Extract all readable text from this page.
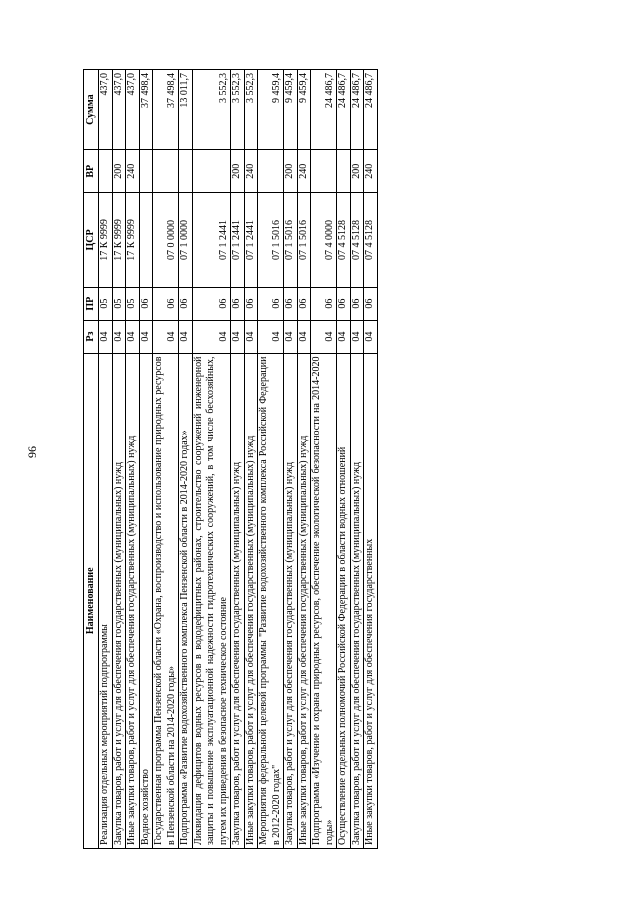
96
Наименование	Рз	ПР	ЦСР	ВР	Сумма
Реализация отдельных мероприятий подпрограммы	04	05	17 К 9999		437,0
Закупка товаров, работ и услуг для обеспечения государственных (муниципальных) нужд	04	05	17 К 9999	200	437,0
Иные закупки товаров, работ и услуг для обеспечения государственных (муниципальных) нужд	04	05	17 К 9999	240	437,0
Водное хозяйство	04	06			37 498,4
Государственная программа Пензенской области «Охрана, воспроизводство и использование природных ресурсов в Пензенской области на 2014-2020 годы»	04	06	07 0 0000		37 498,4
Подпрограмма «Развитие водохозяйственного комплекса Пензенской области в 2014-2020 годах»	04	06	07 1 0000		13 011,7
Ликвидация дефицитов водных ресурсов в вододефицитных районах, строительство сооружений инженерной защиты и повышение эксплуатационной надежности гидротехнических сооружений, в том числе бесхозяйных, путем их приведения в безопасное техническое состояние	04	06	07 1 2441		3 552,3
Закупка товаров, работ и услуг для обеспечения государственных (муниципальных) нужд	04	06	07 1 2441	200	3 552,3
Иные закупки товаров, работ и услуг для обеспечения государственных (муниципальных) нужд	04	06	07 1 2441	240	3 552,3
Мероприятия федеральной целевой программы "Развитие водохозяйственного комплекса Российской Федерации в 2012-2020 годах"	04	06	07 1 5016		9 459,4
Закупка товаров, работ и услуг для обеспечения государственных (муниципальных) нужд	04	06	07 1 5016	200	9 459,4
Иные закупки товаров, работ и услуг для обеспечения государственных (муниципальных) нужд	04	06	07 1 5016	240	9 459,4
Подпрограмма «Изучение и охрана природных ресурсов, обеспечение экологической безопасности на 2014-2020 годы»	04	06	07 4 0000		24 486,7
Осуществление отдельных полномочий Российской Федерации в области водных отношений	04	06	07 4 5128		24 486,7
Закупка товаров, работ и услуг для обеспечения государственных (муниципальных) нужд	04	06	07 4 5128	200	24 486,7
Иные закупки товаров, работ и услуг для обеспечения государственных	04	06	07 4 5128	240	24 486,7
